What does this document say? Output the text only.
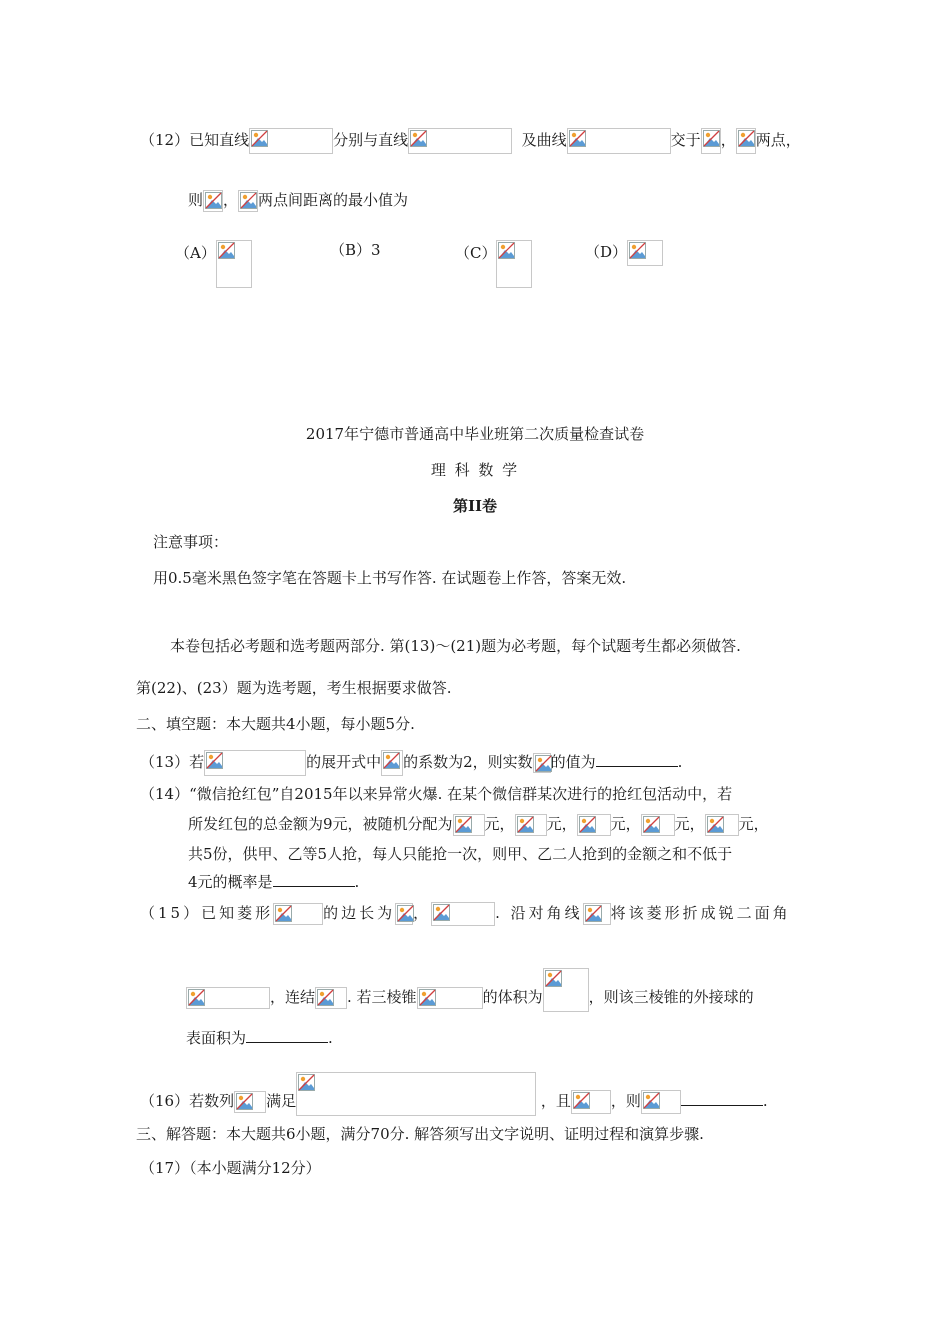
（12）已知直线	分别与直线	及曲线	交于 ， 两点，
则 ， 两点间距离的最小值为
（A）	（B）3	（C）	（D）
2017年宁德市普通高中毕业班第二次质量检查试卷
理 科 数 学
第II卷
注意事项：
用0.5毫米黑色签字笔在答题卡上书写作答. 在试题卷上作答，答案无效.
本卷包括必考题和选考题两部分. 第(13)～(21)题为必考题，每个试题考生都必须做答.
第(22)、(23）题为选考题，考生根据要求做答.
二、填空题：本大题共4小题，每小题5分.
（13）若	的展开式中 的系数为2，则实数 的值为	.
（14）“微信抢红包”自2015年以来异常火爆. 在某个微信群某次进行的抢红包活动中，若
所发红包的总金额为9元，被随机分配为 元， 元， 元， 元， 元，
共5份，供甲、乙等5人抢，每人只能抢一次，则甲、乙二人抢到的金额之和不低于
4元的概率是	.
（15）已知菱形	的边长为 ，	. 沿对角线 将该菱形折成锐二面角
，连结 . 若三棱锥	的体积为	，则该三棱锥的外接球的
表面积为	.
（16）若数列 满足	，且	，则	.
三、解答题：本大题共6小题，满分70分. 解答须写出文字说明、证明过程和演算步骤.
（17）（本小题满分12分）
